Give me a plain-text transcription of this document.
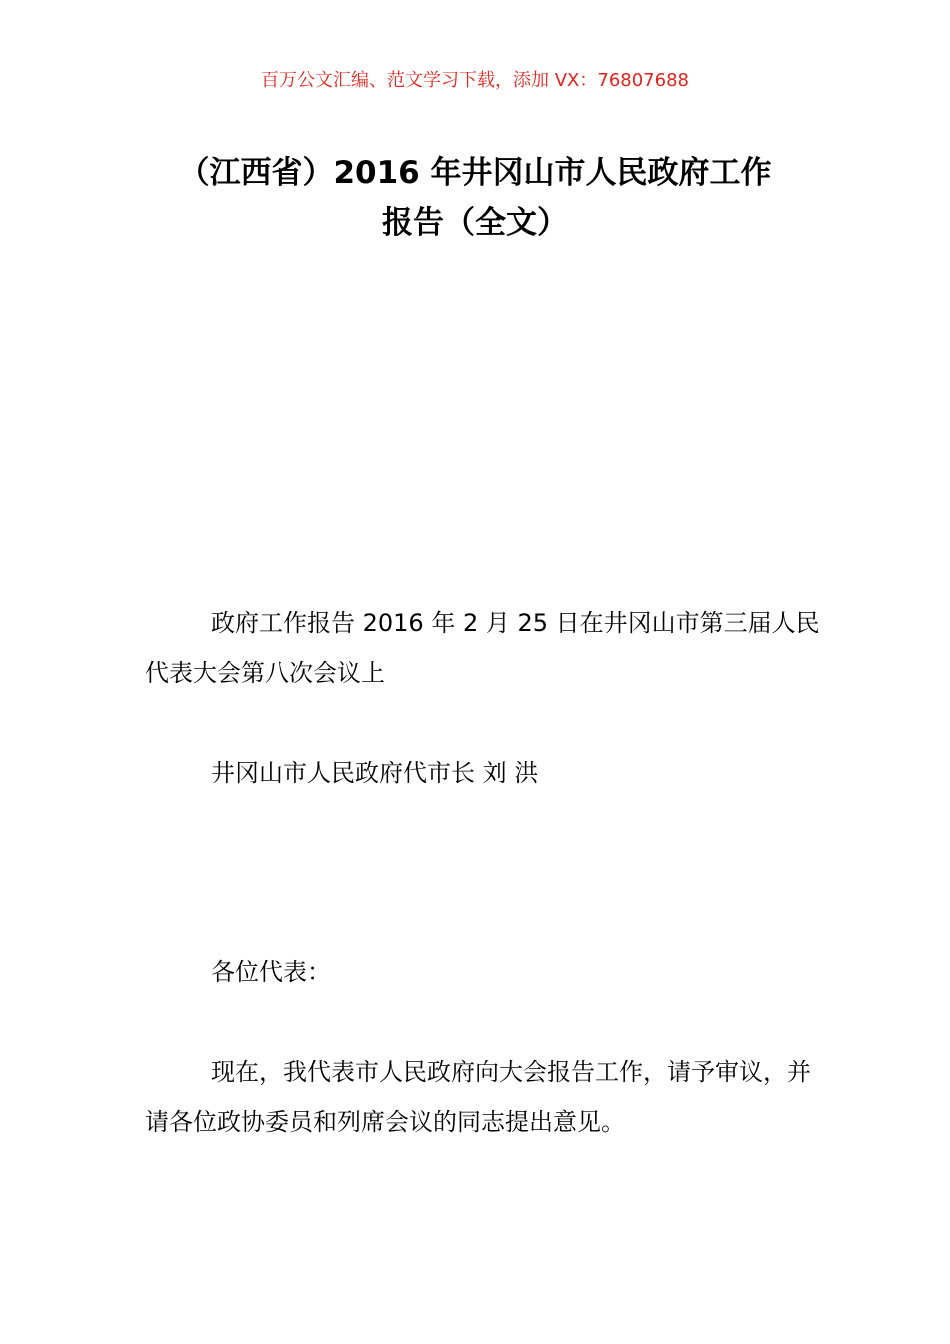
百万公文汇编、范文学习下载，添加 VX：76807688
（江西省）2016 年井冈山市人民政府工作
报告（全文）
政府工作报告 2016 年 2 月 25 日在井冈山市第三届人民代表大会第八次会议上
井冈山市人民政府代市长 刘 洪
各位代表：
现在，我代表市人民政府向大会报告工作，请予审议，并请各位政协委员和列席会议的同志提出意见。
